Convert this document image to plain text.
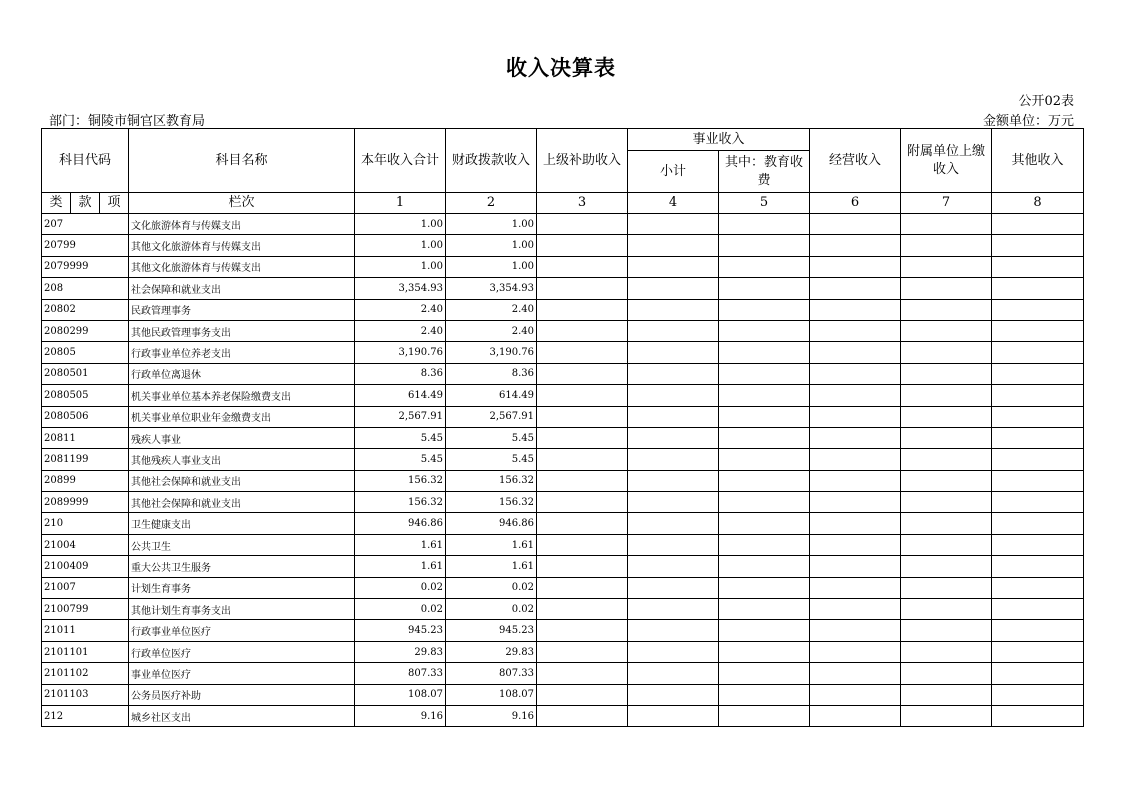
收入决算表
公开02表
部门：铜陵市铜官区教育局	金额单位：万元
科目代码			科目名称	本年收入合计	财政拨款收入	上级补助收入	事业收入		经营收入	附属单位上缴收入	其他收入
							小计	其中：教育收费			
类	款	项	栏次	1	2	3	4	5	6	7	8
207			文化旅游体育与传媒支出	1.00	1.00						
20799			其他文化旅游体育与传媒支出	1.00	1.00						
2079999			其他文化旅游体育与传媒支出	1.00	1.00						
208			社会保障和就业支出	3,354.93	3,354.93						
20802			民政管理事务	2.40	2.40						
2080299			其他民政管理事务支出	2.40	2.40						
20805			行政事业单位养老支出	3,190.76	3,190.76						
2080501			行政单位离退休	8.36	8.36						
2080505			机关事业单位基本养老保险缴费支出	614.49	614.49						
2080506			机关事业单位职业年金缴费支出	2,567.91	2,567.91						
20811			残疾人事业	5.45	5.45						
2081199			其他残疾人事业支出	5.45	5.45						
20899			其他社会保障和就业支出	156.32	156.32						
2089999			其他社会保障和就业支出	156.32	156.32						
210			卫生健康支出	946.86	946.86						
21004			公共卫生	1.61	1.61						
2100409			重大公共卫生服务	1.61	1.61						
21007			计划生育事务	0.02	0.02						
2100799			其他计划生育事务支出	0.02	0.02						
21011			行政事业单位医疗	945.23	945.23						
2101101			行政单位医疗	29.83	29.83						
2101102			事业单位医疗	807.33	807.33						
2101103			公务员医疗补助	108.07	108.07						
212			城乡社区支出	9.16	9.16						
